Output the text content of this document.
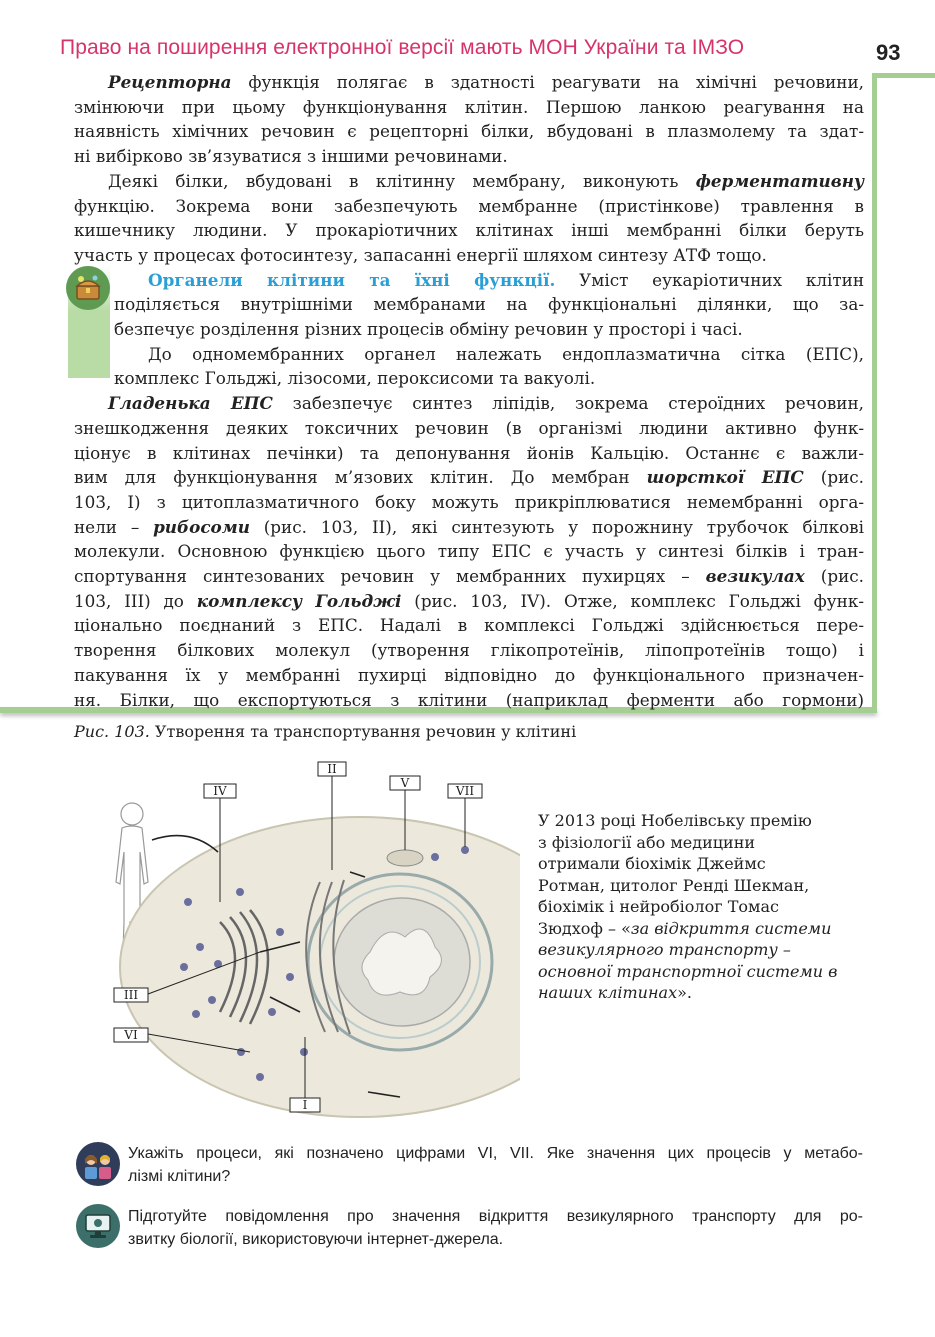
Право на поширення електронної версії мають МОН України та ІМЗО	93

Рецепторна функція полягає в здатності реагувати на хімічні речовини,

змінюючи при цьому функціонування клітин. Першою ланкою реагування на

наявність хімічних речовин є рецепторні білки, вбудовані в плазмолему та здат-

ні вибірково зв’язуватися з іншими речовинами.

Деякі білки, вбудовані в клітинну мембрану, виконують ферментативну

функцію. Зокрема вони забезпечують мембранне (пристінкове) травлення в

кишечнику людини. У прокаріотичних клітинах інші мембранні білки беруть

участь у процесах фотосинтезу, запасанні енергії шляхом синтезу АТФ тощо.

Органели клітини та їхні функції. Уміст еукаріотичних клітин

поділяється внутрішніми мембранами на функціональні ділянки, що за-

безпечує розділення різних процесів обміну речовин у просторі і часі.

До одномембранних органел належать ендоплазматична сітка (ЕПС),

комплекс Гольджі, лізосоми, пероксисоми та вакуолі.

Гладенька ЕПС забезпечує синтез ліпідів, зокрема стероїдних речовин,

знешкодження деяких токсичних речовин (в організмі людини активно функ-

ціонує в клітинах печінки) та депонування йонів Кальцію. Останнє є важли-

вим для функціонування м’язових клітин. До мембран шорсткої ЕПС (рис.

103, I) з цитоплазматичного боку можуть прикріплюватися немембранні орга-

нели – рибосоми (рис. 103, II), які синтезують у порожнину трубочок білкові

молекули. Основною функцією цього типу ЕПС є участь у синтезі білків і тран-

спортування синтезованих речовин у мембранних пухирцях – везикулах (рис.

103, III) до комплексу Гольджі (рис. 103, IV). Отже, комплекс Гольджі функ-

ціонально поєднаний з ЕПС. Надалі в комплексі Гольджі здійснюється пере-

творення білкових молекул (утворення глікопротеїнів, ліпопротеїнів тощо) і

пакування їх у мембранні пухирці відповідно до функціонального призначен-

ня. Білки, що експортуються з клітини (наприклад ферменти або гормони)

Рис. 103. Утворення та транспортування речовин у клітині
IV
II
V
VII
III
VI
I

У 2013 році Нобелівську премію

з фізіології або медицини

отримали біохімік Джеймс

Ротман, цитолог Ренді Шекман,

біохімік і нейробіолог Томас

Зюдхоф – «за відкриття системи

везикулярного транспорту –

основної транспортної системи в

наших клітинах».

Укажіть процеси, які позначено цифрами VI, VII. Яке значення цих процесів у метабо-

лізмі клітини?

Підготуйте повідомлення про значення відкриття везикулярного транспорту для ро-

звитку біології, використовуючи інтернет-джерела.
